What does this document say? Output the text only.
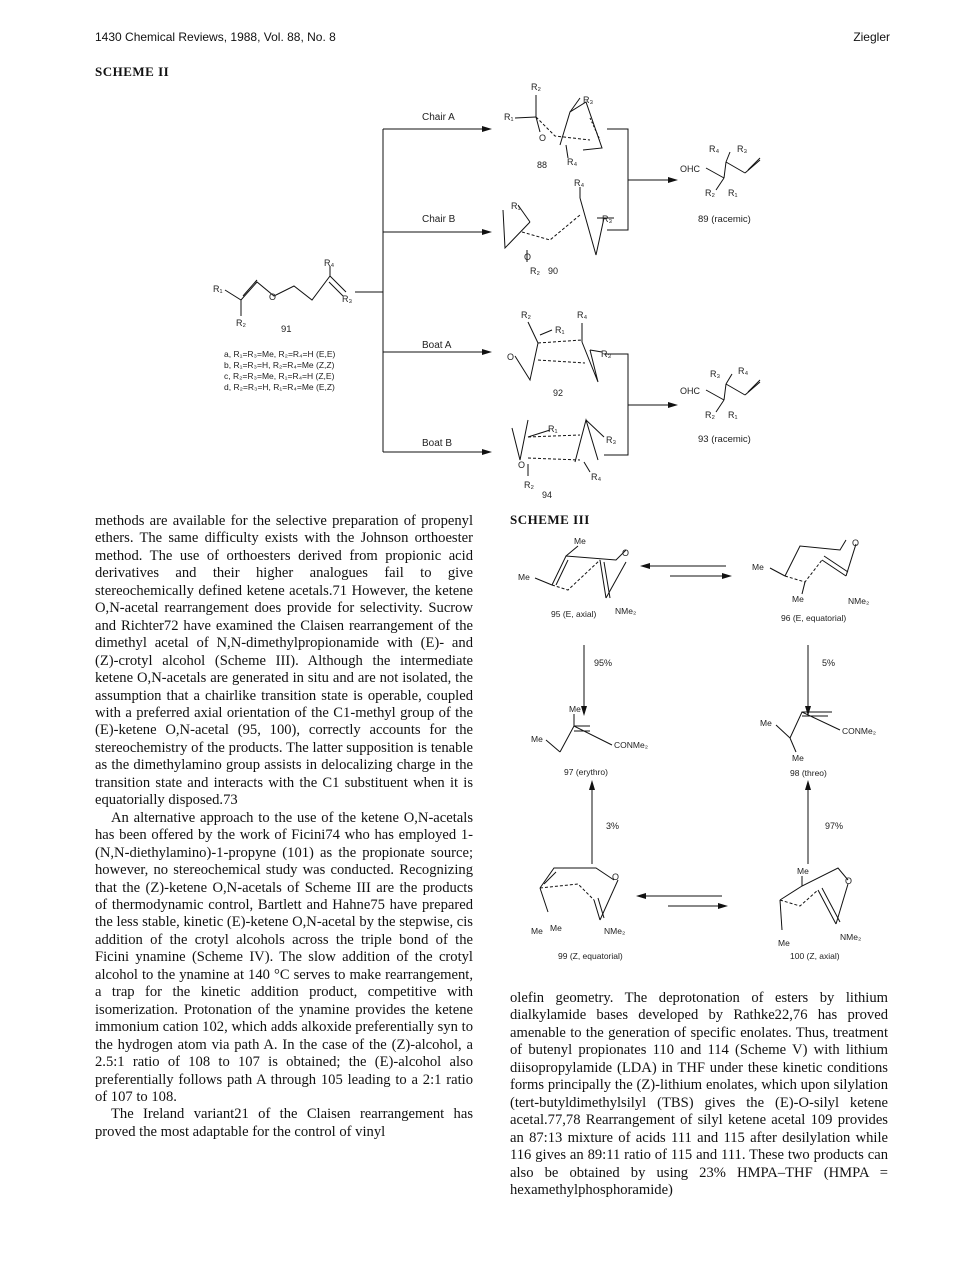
1430 Chemical Reviews, 1988, Vol. 88, No. 8	Ziegler
SCHEME II
Chair A
Chair B
Boat A
Boat B
R₂
R₁
R₃
O
R₄
88
R₄
R₁
R₃
O
R₂ 90
R₂	R₄
R₁
R₃
O
92
R₁
R₃
O
R₄
R₂
94
R₁
R₂
O
R₄
R₃
91
a, R₁=R₃=Me, R₂=R₄=H (E,E)
b, R₁=R₃=H, R₂=R₄=Me (Z,Z)
c, R₂=R₃=Me, R₁=R₄=H (Z,E)
d, R₂=R₃=H, R₁=R₄=Me (E,Z)
OHC
R₄ R₃
R₂ R₁
89 (racemic)
OHC
R₃ R₄
R₂ R₁
93 (racemic)
SCHEME III
Me
Me
O
NMe₂
95 (E, axial)
Me
O
Me	NMe₂
96 (E, equatorial)
95%	5%
Me
Me
CONMe₂
97 (erythro)
Me
CONMe₂
Me
98 (threo)
3%	97%
O
Me Me	NMe₂
99 (Z, equatorial)
Me
O
Me
NMe₂
100 (Z, axial)

methods are available for the selective preparation of propenyl ethers. The same difficulty exists with the Johnson orthoester method. The use of orthoesters derived from propionic acid derivatives and their higher analogues fail to give stereochemically defined ketene acetals.71 However, the ketene O,N-acetal rearrangement does provide for selectivity. Sucrow and Richter72 have examined the Claisen rearrangement of the dimethyl acetal of N,N-dimethylpropionamide with (E)- and (Z)-crotyl alcohol (Scheme III). Although the intermediate ketene O,N-acetals are generated in situ and are not isolated, the assumption that a chairlike transition state is operable, coupled with a preferred axial orientation of the C1-methyl group of the (E)-ketene O,N-acetal (95, 100), correctly accounts for the stereochemistry of the products. The latter supposition is tenable as the dimethylamino group assists in delocalizing charge in the transition state and interacts with the C1 substituent when it is equatorially disposed.73

An alternative approach to the use of the ketene O,N-acetals has been offered by the work of Ficini74 who has employed 1-(N,N-diethylamino)-1-propyne (101) as the propionate source; however, no stereochemical study was conducted. Recognizing that the (Z)-ketene O,N-acetals of Scheme III are the products of thermodynamic control, Bartlett and Hahne75 have prepared the less stable, kinetic (E)-ketene O,N-acetal by the stepwise, cis addition of the crotyl alcohols across the triple bond of the Ficini ynamine (Scheme IV). The slow addition of the crotyl alcohol to the ynamine at 140 °C serves to make rearrangement, a trap for the kinetic addition product, competitive with isomerization. Protonation of the ynamine provides the ketene immonium cation 102, which adds alkoxide preferentially syn to the hydrogen atom via path A. In the case of the (Z)-alcohol, a 2.5:1 ratio of 108 to 107 is obtained; the (E)-alcohol also preferentially follows path A through 105 leading to a 2:1 ratio of 107 to 108.

The Ireland variant21 of the Claisen rearrangement has proved the most adaptable for the control of vinyl

olefin geometry. The deprotonation of esters by lithium dialkylamide bases developed by Rathke22,76 has proved amenable to the generation of specific enolates. Thus, treatment of butenyl propionates 110 and 114 (Scheme V) with lithium diisopropylamide (LDA) in THF under these kinetic conditions forms principally the (Z)-lithium enolates, which upon silylation (tert-butyldimethylsilyl (TBS) gives the (E)-O-silyl ketene acetal.77,78 Rearrangement of silyl ketene acetal 109 provides an 87:13 mixture of acids 111 and 115 after desilylation while 116 gives an 89:11 ratio of 115 and 111. These two products can also be obtained by using 23% HMPA–THF (HMPA = hexamethylphosphoramide)
